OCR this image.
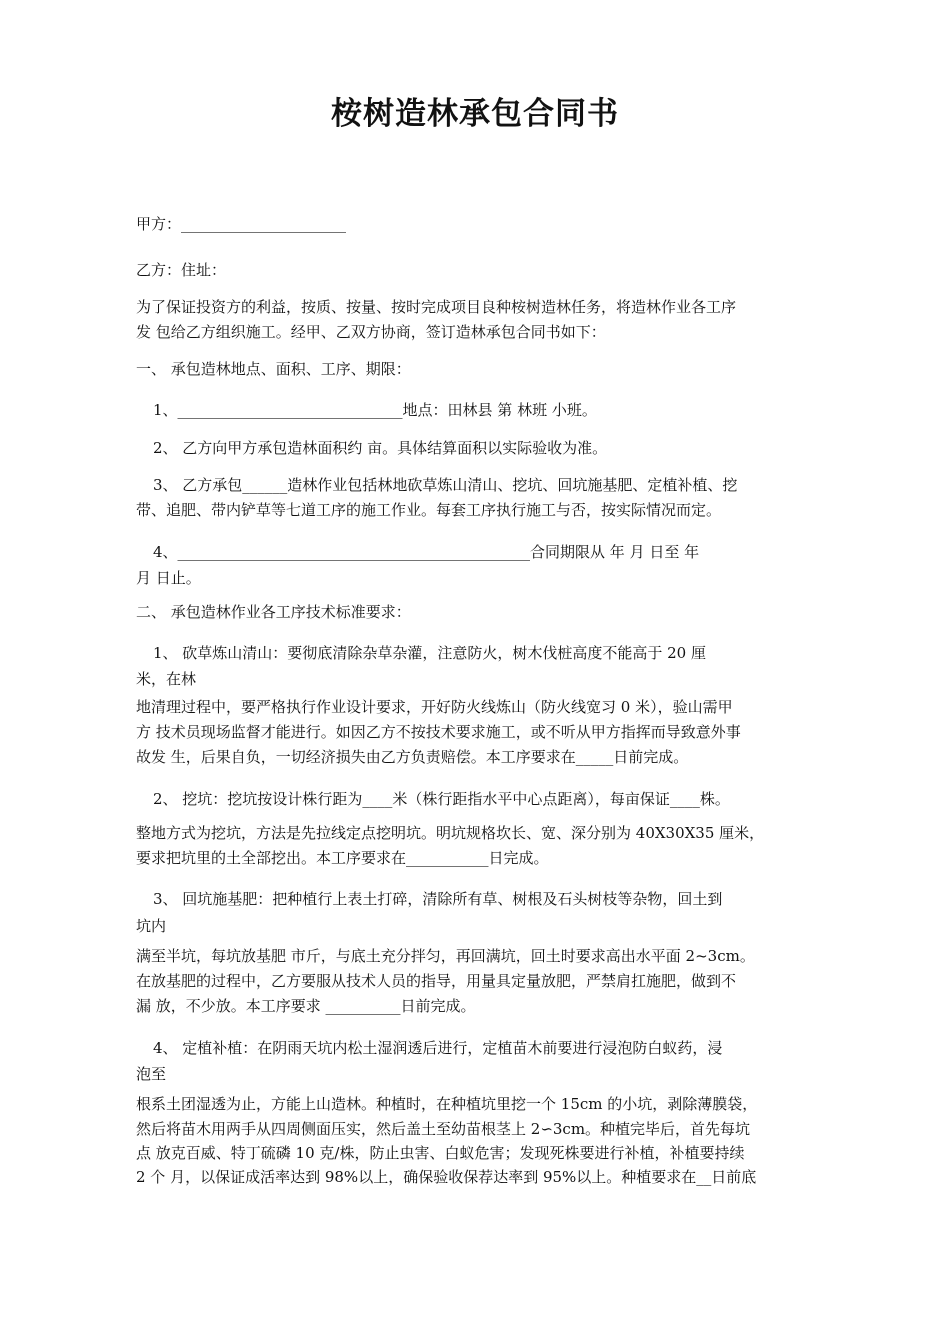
桉树造林承包合同书
甲方：______________________
乙方：住址：
为了保证投资方的利益，按质、按量、按时完成项目良种桉树造林任务，将造林作业各工序
发 包给乙方组织施工。经甲、乙双方协商，签订造林承包合同书如下：
一、 承包造林地点、面积、工序、期限：
1、______________________________地点：田林县 第 林班 小班。
2、 乙方向甲方承包造林面积约 亩。具体结算面积以实际验收为准。
3、 乙方承包______造林作业包括林地砍草炼山清山、挖坑、回坑施基肥、定植补植、挖
带、追肥、带内铲草等七道工序的施工作业。每套工序执行施工与否，按实际情况而定。
4、_______________________________________________合同期限从 年 月 日至 年
月 日止。
二、 承包造林作业各工序技术标准要求：
1、 砍草炼山清山：要彻底清除杂草杂灌，注意防火，树木伐桩高度不能高于 20 厘
米，在林
地清理过程中，要严格执行作业设计要求，开好防火线炼山（防火线宽习 0 米），验山需甲
方 技术员现场监督才能进行。如因乙方不按技术要求施工，或不听从甲方指挥而导致意外事
故发 生，后果自负，一切经济损失由乙方负责赔偿。本工序要求在_____日前完成。
2、 挖坑：挖坑按设计株行距为____米（株行距指水平中心点距离），每亩保证____株。
整地方式为挖坑，方法是先拉线定点挖明坑。明坑规格坎长、宽、深分别为 40X30X35 厘米，
要求把坑里的土全部挖出。本工序要求在___________日完成。
3、 回坑施基肥：把种植行上表土打碎，清除所有草、树根及石头树枝等杂物，回土到
坑内
满至半坑，每坑放基肥 市斤，与底土充分拌匀，再回满坑，回土时要求高出水平面 2~3cm。
在放基肥的过程中，乙方要服从技术人员的指导，用量具定量放肥，严禁肩扛施肥，做到不
漏 放，不少放。本工序要求 __________日前完成。
4、 定植补植：在阴雨天坑内松土湿润透后进行，定植苗木前要进行浸泡防白蚁药，浸
泡至
根系土团湿透为止，方能上山造林。种植时，在种植坑里挖一个 15cm 的小坑，剥除薄膜袋，
然后将苗木用两手从四周侧面压实，然后盖土至幼苗根茎上 2∽3cm。种植完毕后，首先每坑
点 放克百威、特丁硫磷 10 克/株，防止虫害、白蚁危害；发现死株要进行补植，补植要持续
2 个 月，以保证成活率达到 98%以上，确保验收保荐达率到 95%以上。种植要求在__日前底
